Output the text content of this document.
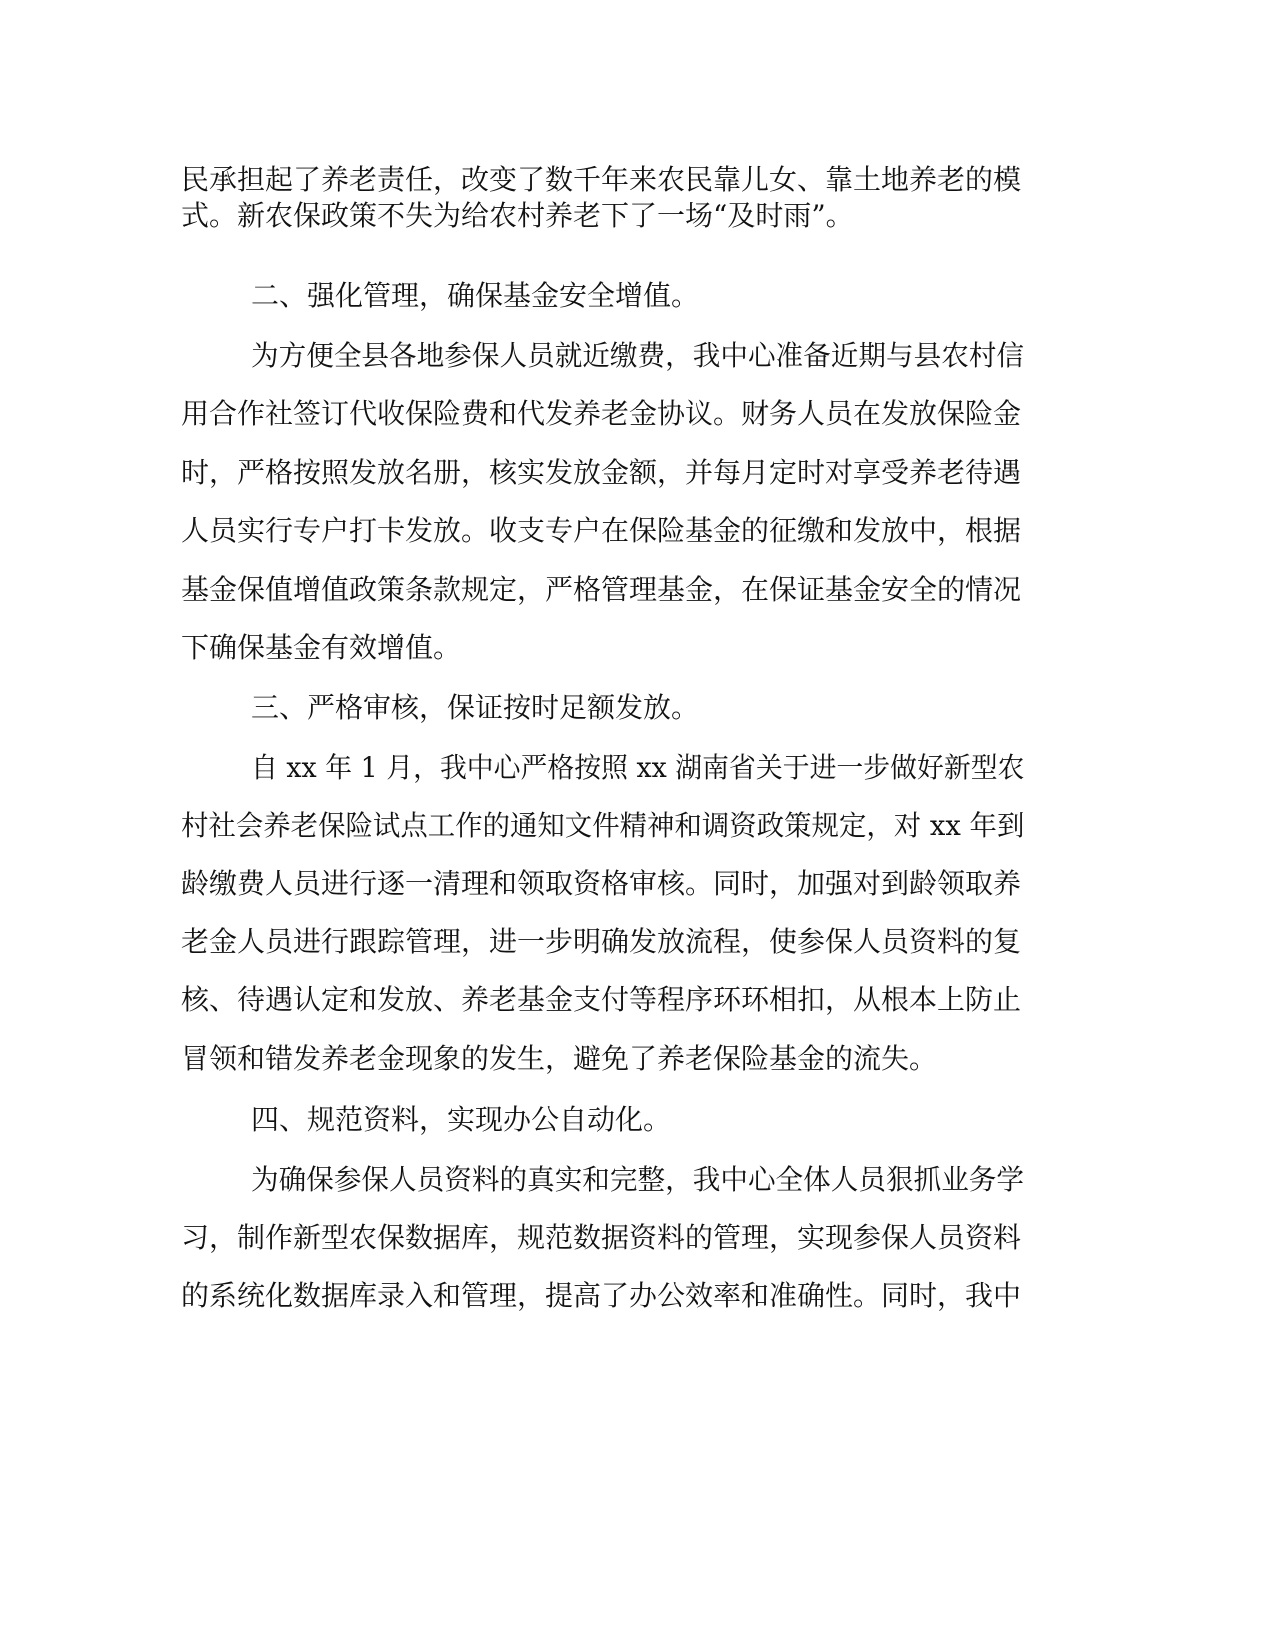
民承担起了养老责任，改变了数千年来农民靠儿女、靠土地养老的模
式。新农保政策不失为给农村养老下了一场“及时雨”。
二、强化管理，确保基金安全增值。
为方便全县各地参保人员就近缴费，我中心准备近期与县农村信
用合作社签订代收保险费和代发养老金协议。财务人员在发放保险金
时，严格按照发放名册，核实发放金额，并每月定时对享受养老待遇
人员实行专户打卡发放。收支专户在保险基金的征缴和发放中，根据
基金保值增值政策条款规定，严格管理基金，在保证基金安全的情况
下确保基金有效增值。
三、严格审核，保证按时足额发放。
自 xx 年 1 月，我中心严格按照 xx 湖南省关于进一步做好新型农
村社会养老保险试点工作的通知文件精神和调资政策规定，对 xx 年到
龄缴费人员进行逐一清理和领取资格审核。同时，加强对到龄领取养
老金人员进行跟踪管理，进一步明确发放流程，使参保人员资料的复
核、待遇认定和发放、养老基金支付等程序环环相扣，从根本上防止
冒领和错发养老金现象的发生，避免了养老保险基金的流失。
四、规范资料，实现办公自动化。
为确保参保人员资料的真实和完整，我中心全体人员狠抓业务学
习，制作新型农保数据库，规范数据资料的管理，实现参保人员资料
的系统化数据库录入和管理，提高了办公效率和准确性。同时，我中
